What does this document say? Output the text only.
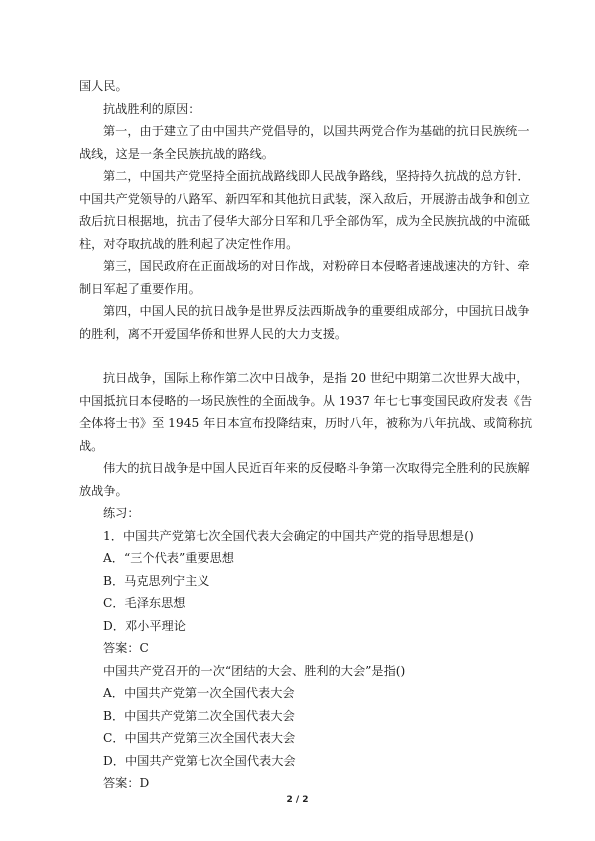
国人民。

抗战胜利的原因：

第一，由于建立了由中国共产党倡导的，以国共两党合作为基础的抗日民族统一战线，这是一条全民族抗战的路线。

第二，中国共产党坚持全面抗战路线即人民战争路线，坚持持久抗战的总方针．中国共产党领导的八路军、新四军和其他抗日武装，深入敌后，开展游击战争和创立敌后抗日根据地，抗击了侵华大部分日军和几乎全部伪军，成为全民族抗战的中流砥柱，对夺取抗战的胜利起了决定性作用。

第三，国民政府在正面战场的对日作战，对粉碎日本侵略者速战速决的方针、牵制日军起了重要作用。

第四，中国人民的抗日战争是世界反法西斯战争的重要组成部分，中国抗日战争的胜利，离不开爱国华侨和世界人民的大力支援。

抗日战争，国际上称作第二次中日战争，是指 20 世纪中期第二次世界大战中，中国抵抗日本侵略的一场民族性的全面战争。从 1937 年七七事变国民政府发表《告全体将士书》至 1945 年日本宣布投降结束，历时八年，被称为八年抗战、或简称抗战。

伟大的抗日战争是中国人民近百年来的反侵略斗争第一次取得完全胜利的民族解放战争。

练习：

1．中国共产党第七次全国代表大会确定的中国共产党的指导思想是()

A．“三个代表”重要思想

B．马克思列宁主义

C．毛泽东思想

D．邓小平理论

答案：C

中国共产党召开的一次“团结的大会、胜利的大会”是指()

A．中国共产党第一次全国代表大会

B．中国共产党第二次全国代表大会

C．中国共产党第三次全国代表大会

D．中国共产党第七次全国代表大会

答案：D

2 / 2
